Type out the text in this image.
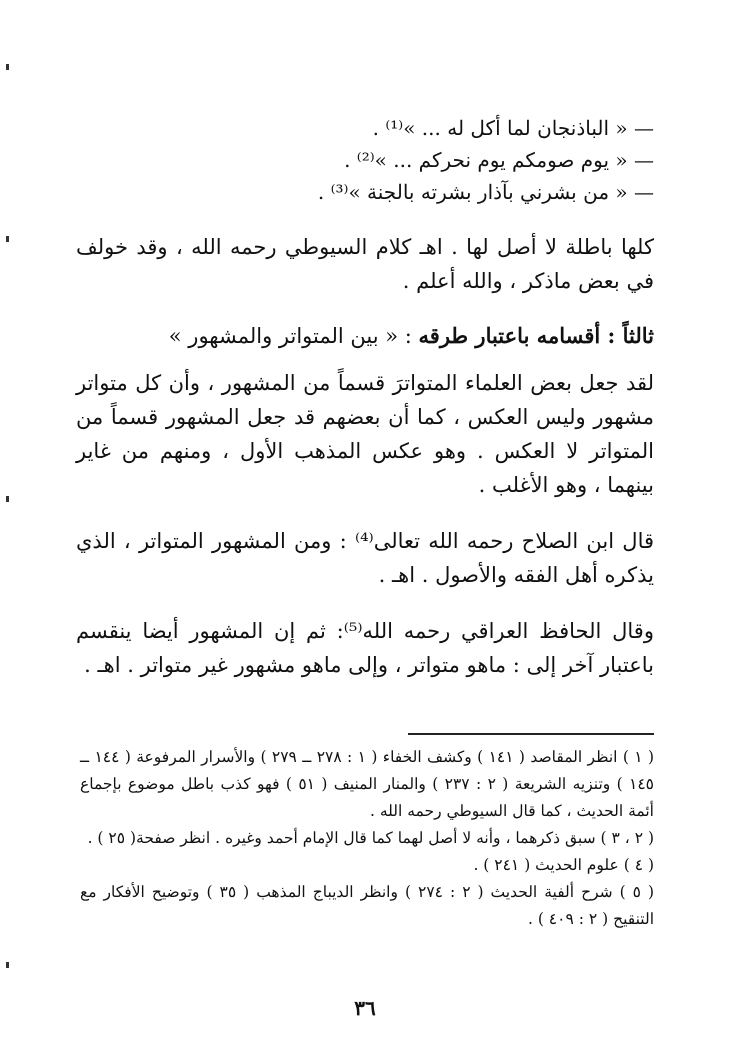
— « الباذنجان لما أكل له ... »⁽¹⁾ .
— « يوم صومكم يوم نحركم ... »⁽²⁾ .
— « من بشرني بآذار بشرته بالجنة »⁽³⁾ .

كلها باطلة لا أصل لها . اهـ كلام السيوطي رحمه الله ، وقد خولف في بعض ماذكر ، والله أعلم .

ثالثاً : أقسامه باعتبار طرقه : « بين المتواتر والمشهور »

لقد جعل بعض العلماء المتواترَ قسماً من المشهور ، وأن كل متواتر مشهور وليس العكس ، كما أن بعضهم قد جعل المشهور قسماً من المتواتر لا العكس . وهو عكس المذهب الأول ، ومنهم من غاير بينهما ، وهو الأغلب .

قال ابن الصلاح رحمه الله تعالى⁽⁴⁾ : ومن المشهور المتواتر ، الذي يذكره أهل الفقه والأصول . اهـ .

وقال الحافظ العراقي رحمه الله⁽⁵⁾: ثم إن المشهور أيضا ينقسم باعتبار آخر إلى : ماهو متواتر ، وإلى ماهو مشهور غير متواتر . اهـ .

( ١ ) انظر المقاصد ( ١٤١ ) وكشف الخفاء ( ١ : ٢٧٨ ــ ٢٧٩ ) والأسرار المرفوعة ( ١٤٤ ــ ١٤٥ ) وتنزيه الشريعة ( ٢ : ٢٣٧ ) والمنار المنيف ( ٥١ ) فهو كذب باطل موضوع بإجماع أئمة الحديث ، كما قال السيوطي رحمه الله .

( ٢ ، ٣ ) سبق ذكرهما ، وأنه لا أصل لهما كما قال الإمام أحمد وغيره . انظر صفحة( ٢٥ ) .

( ٤ ) علوم الحديث ( ٢٤١ ) .

( ٥ ) شرح ألفية الحديث ( ٢ : ٢٧٤ ) وانظر الديباج المذهب ( ٣٥ ) وتوضيح الأفكار مع التنقيح ( ٢ : ٤٠٩ ) .

٣٦
